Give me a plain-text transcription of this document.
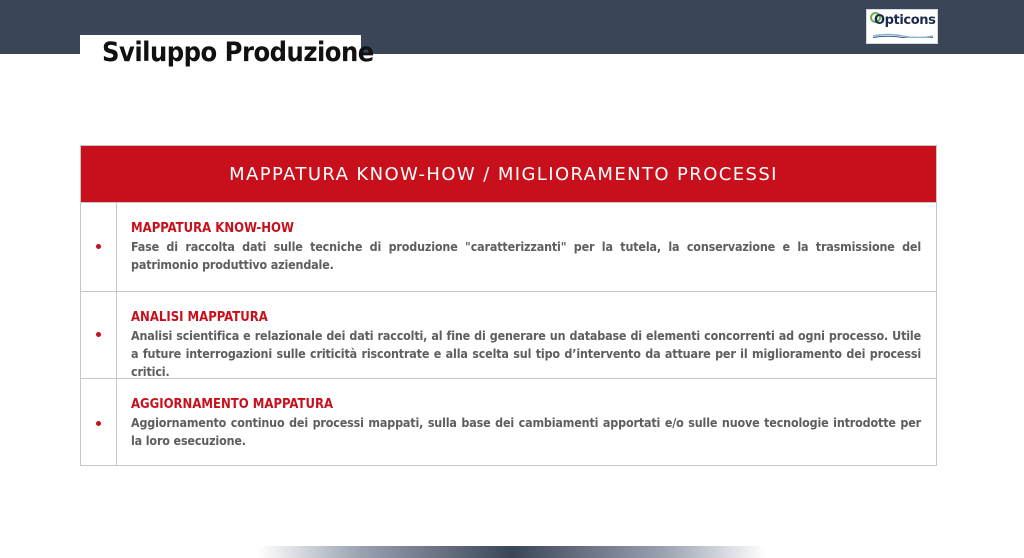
Sviluppo Produzione
Opticons
MAPPATURA KNOW-HOW / MIGLIORAMENTO PROCESSI
MAPPATURA KNOW-HOW
Fase di raccolta dati sulle tecniche di produzione "caratterizzanti" per la tutela, la conservazione e la trasmissione del patrimonio produttivo aziendale.
ANALISI MAPPATURA
Analisi scientifica e relazionale dei dati raccolti, al fine di generare un database di elementi concorrenti ad ogni processo. Utile a future interrogazioni sulle criticità riscontrate e alla scelta sul tipo d’intervento da attuare per il miglioramento dei processi critici.
AGGIORNAMENTO MAPPATURA
Aggiornamento continuo dei processi mappati, sulla base dei cambiamenti apportati e/o sulle nuove tecnologie introdotte per la loro esecuzione.
